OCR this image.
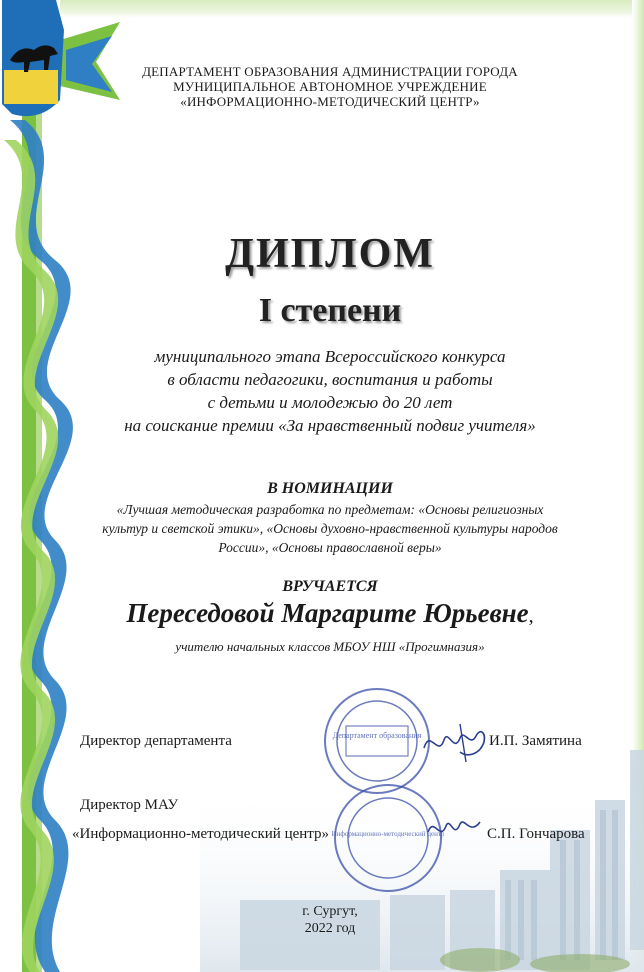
ДЕПАРТАМЕНТ ОБРАЗОВАНИЯ АДМИНИСТРАЦИИ ГОРОДА
МУНИЦИПАЛЬНОЕ АВТОНОМНОЕ УЧРЕЖДЕНИЕ
«ИНФОРМАЦИОННО-МЕТОДИЧЕСКИЙ ЦЕНТР»
ДИПЛОМ
I степени
муниципального этапа Всероссийского конкурса
в области педагогики, воспитания и работы
с детьми и молодежью до 20 лет
на соискание премии «За нравственный подвиг учителя»
В НОМИНАЦИИ
«Лучшая методическая разработка по предметам: «Основы религиозных
культур и светской этики», «Основы духовно-нравственной культуры народов
России», «Основы православной веры»
ВРУЧАЕТСЯ
Переседовой Маргарите Юрьевне,
учителю начальных классов МБОУ НШ «Прогимназия»
Департамент образования
Информационно-методический центр
Директор департамента	И.П. Замятина
Директор МАУ
«Информационно-методический центр»	С.П. Гончарова
г. Сургут,
2022 год
